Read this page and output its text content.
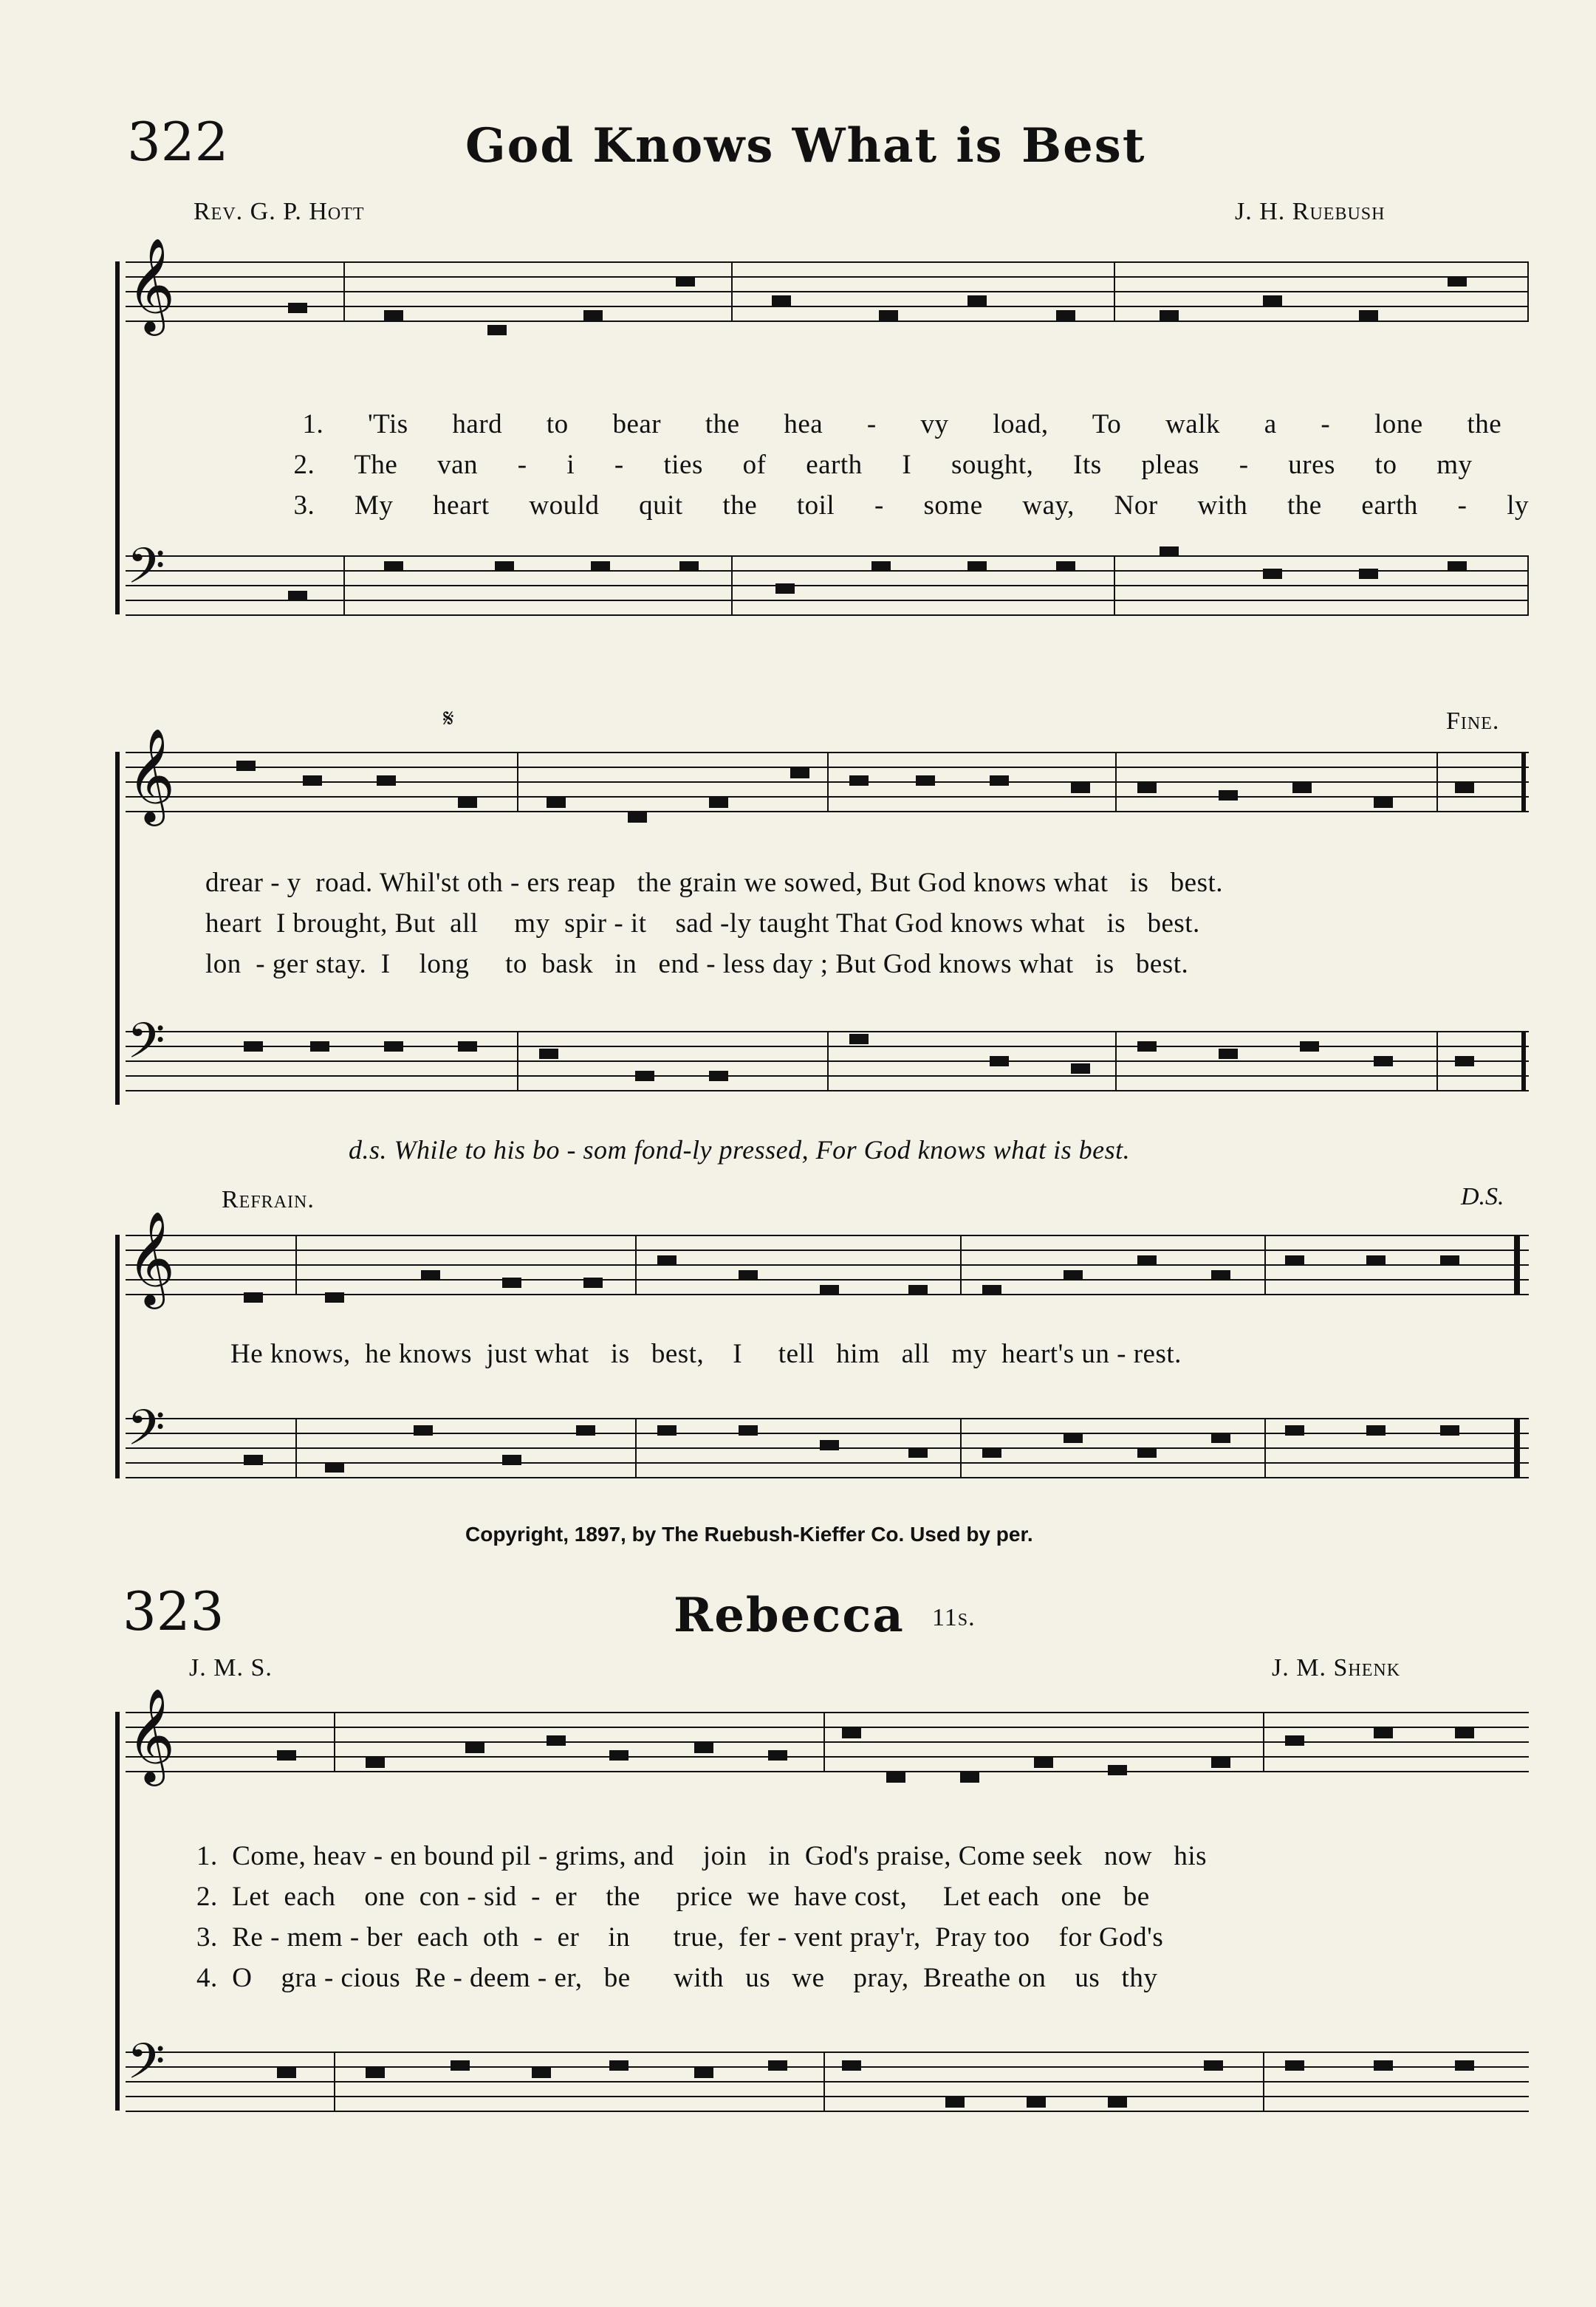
322	God Knows What is Best
Rev. G. P. Hott	J. H. Ruebush
𝄞

1. 'Tis hard to bear the hea - vy load, To walk a - lone the

2. The van - i - ties of earth I sought, Its pleas - ures to my

3. My heart would quit the toil - some way, Nor with the earth - ly

𝄢
𝄋	Fine.
𝄞
drear - y  road. Whil'st oth - ers reap   the grain we sowed, But God knows what   is   best.
heart  I brought, But  all     my  spir - it    sad -ly taught That God knows what   is   best.
lon  - ger stay.  I    long     to  bask   in   end - less day ; But God knows what   is   best.
𝄢
d.s. While to his bo - som fond-ly pressed, For God knows what is best.
Refrain.	D.S.
𝄞
He knows,  he knows  just what   is   best,    I     tell   him   all   my  heart's un - rest.
𝄢
Copyright, 1897, by The Ruebush-Kieffer Co. Used by per.
323	Rebecca 11s.
J. M. S.	J. M. Shenk
𝄞
1.  Come, heav - en bound pil - grims, and    join   in  God's praise, Come seek   now   his
2.  Let  each    one  con - sid  -  er    the     price  we  have cost,     Let each   one   be
3.  Re - mem - ber  each  oth  -  er    in      true,  fer - vent pray'r,  Pray too    for God's
4.  O    gra - cious  Re - deem - er,   be      with   us   we    pray,  Breathe on    us   thy
𝄢
